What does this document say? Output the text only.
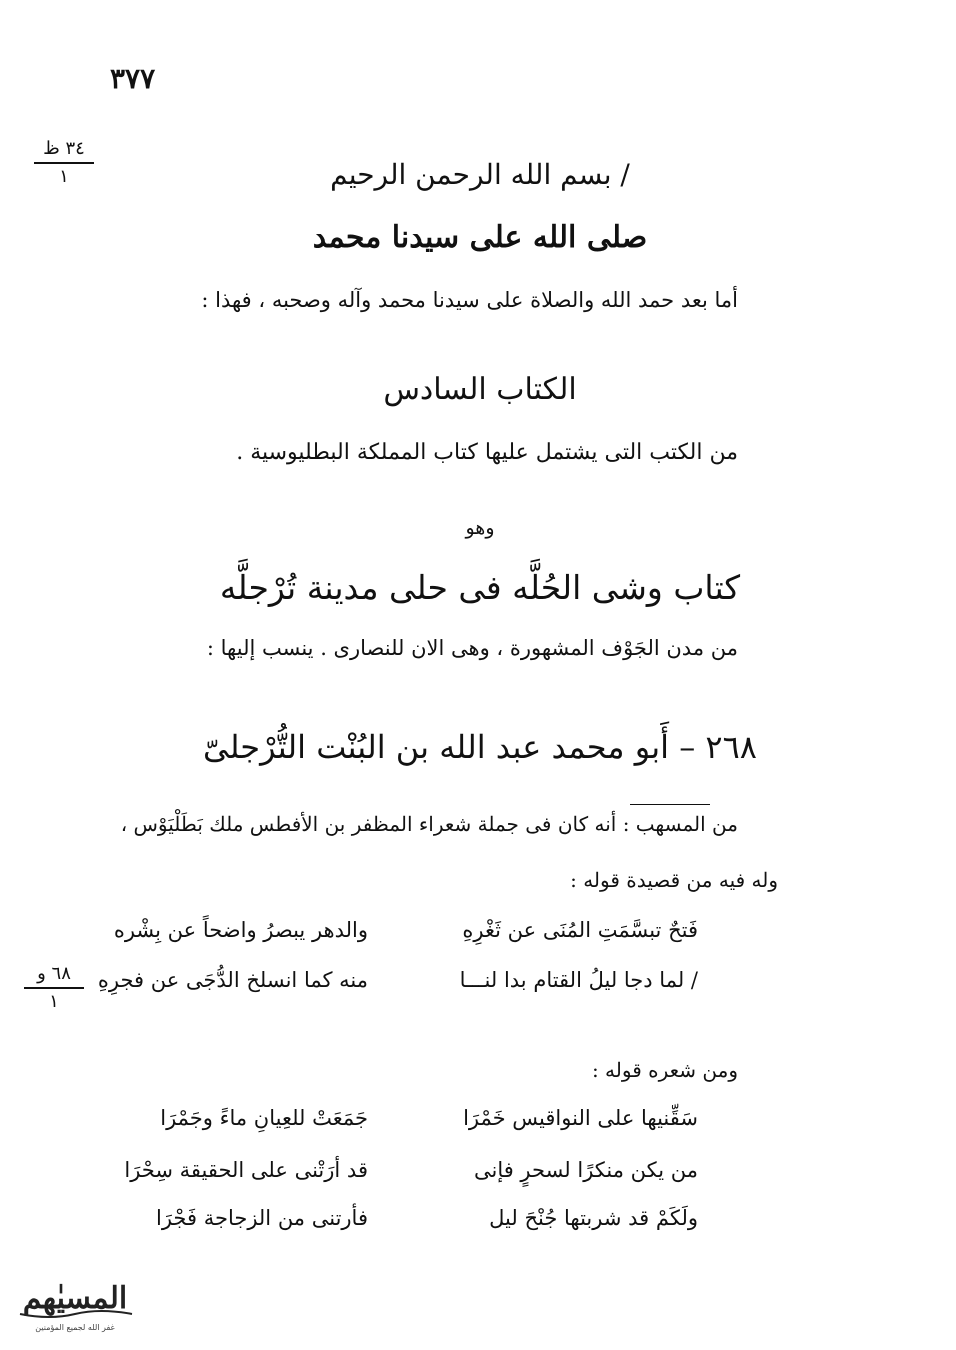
٣٧٧
٣٤ ظ
١
٦٨ و
١
/ بسم الله الرحمن الرحيم
صلى الله على سيدنا محمد
أما بعد حمد الله والصلاة على سيدنا محمد وآله وصحبه ، فهذا :
الكتاب السادس
من الكتب التى يشتمل عليها كتاب المملكة البطليوسية .
وهو
كتاب وشى الحُلَّه فى حلى مدينة تُرْجلَّه
من مدن الجَوْف المشهورة ، وهى الان للنصارى . ينسب إليها :
٢٦٨ – أَبو محمد عبد الله بن البُنْت التُّرْجلىّ
من المسهب : أنه كان فى جملة شعراء المظفر بن الأفطس ملك بَطَلْيَوْس ،
وله فيه من قصيدة قوله :
فَتحٌ تبسَّمَتِ المُنَى عن ثَغْرِهِ
والدهر يبصرُ واضحاً عن بِشْره
/ لما دجا ليلُ القتام بدا لنـــا
منه كما انسلخ الدُّجَى عن فجرِهِ
ومن شعره قوله :
سَقِّنيها على النواقيس خَمْرَا
جَمَعَتْ للعِيانِ ماءً وجَمْرَا
من يكن منكرًا لسحرٍ فإنى
قد أرَتْنى على الحقيقة سِحْرَا
ولَكَمْ قد شربتها جُنْحَ ليل
فأرتنى من الزجاجة فَجْرَا
المسيٰهم
غفر الله لجميع المؤمنين
